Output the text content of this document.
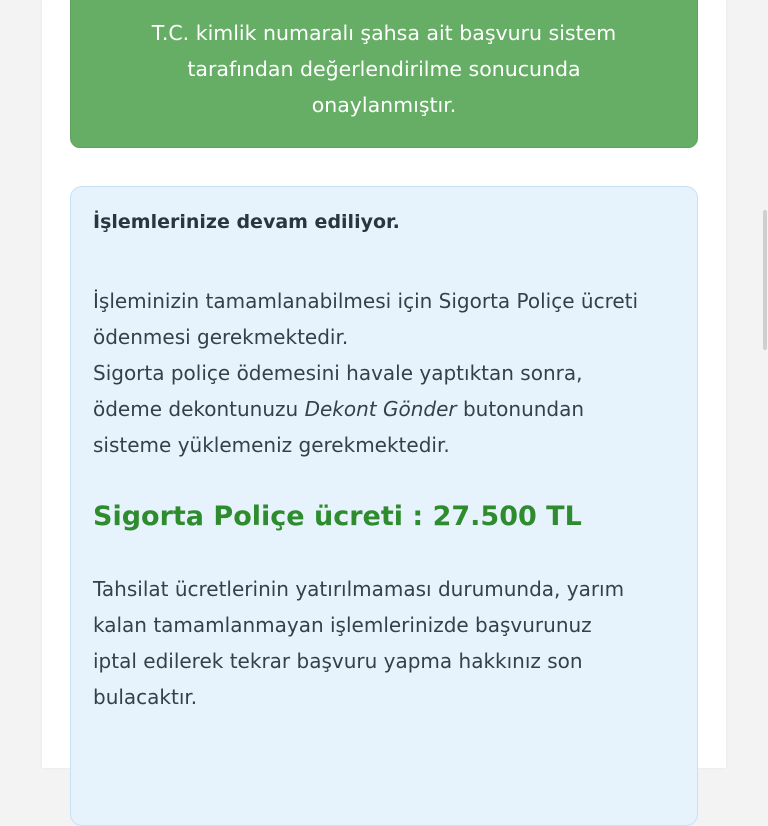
T.C. kimlik numaralı şahsa ait başvuru sistem
tarafından değerlendirilme sonucunda
onaylanmıştır.
İşlemlerinize devam ediliyor.
İşleminizin tamamlanabilmesi için Sigorta Poliçe ücreti
ödenmesi gerekmektedir.
Sigorta poliçe ödemesini havale yaptıktan sonra,
ödeme dekontunuzu Dekont Gönder butonundan
sisteme yüklemeniz gerekmektedir.
Sigorta Poliçe ücreti : 27.500 TL
Tahsilat ücretlerinin yatırılmaması durumunda, yarım
kalan tamamlanmayan işlemlerinizde başvurunuz
iptal edilerek tekrar başvuru yapma hakkınız son
bulacaktır.
